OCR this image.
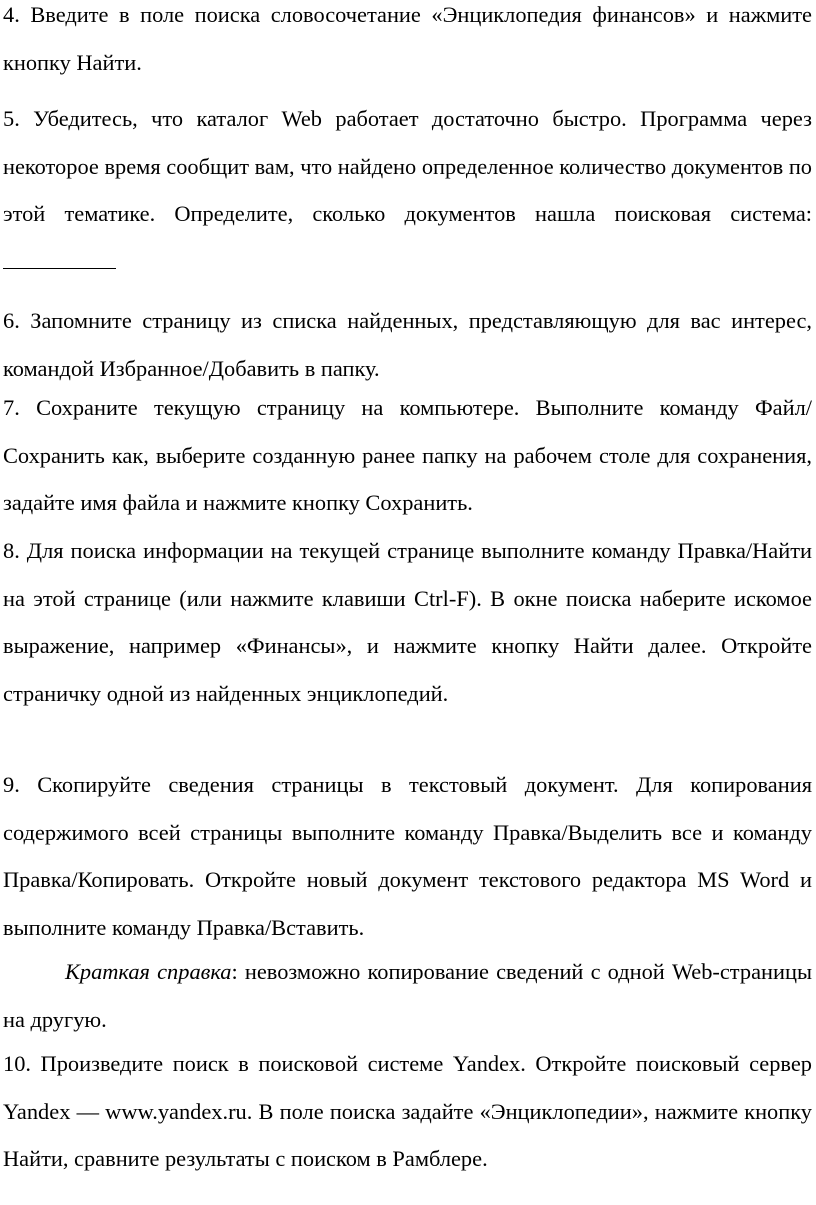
4. Введите в поле поиска словосочетание «Энциклопедия финансов» и нажмите кнопку Найти.

5. Убедитесь, что каталог Web работает достаточно быстро. Программа через некоторое время сообщит вам, что найдено определенное количество документов по этой тематике. Определите, сколько документов нашла поисковая система:

6. Запомните страницу из списка найденных, представляющую для вас интерес, командой Избранное/Добавить в папку.

7. Сохраните текущую страницу на компьютере. Выполните команду Файл/Сохранить как, выберите созданную ранее папку на рабочем столе для сохранения, задайте имя файла и нажмите кнопку Сохранить.

8. Для поиска информации на текущей странице выполните команду Правка/Найти на этой странице (или нажмите клавиши Ctrl-F). В окне поиска наберите искомое выражение, например «Финансы», и нажмите кнопку Найти далее. Откройте страничку одной из найденных энциклопедий.

9. Скопируйте сведения страницы в текстовый документ. Для копирования содержимого всей страницы выполните команду Правка/Выделить все и команду Правка/Копировать. Откройте новый документ текстового редактора MS Word и выполните команду Правка/Вставить.

Краткая справка: невозможно копирование сведений с одной Web-страницы на другую.

10. Произведите поиск в поисковой системе Yandex. Откройте поисковый сервер Yandex — www.yandex.ru. В поле поиска задайте «Энциклопедии», нажмите кнопку Найти, сравните результаты с поиском в Рамблере.
